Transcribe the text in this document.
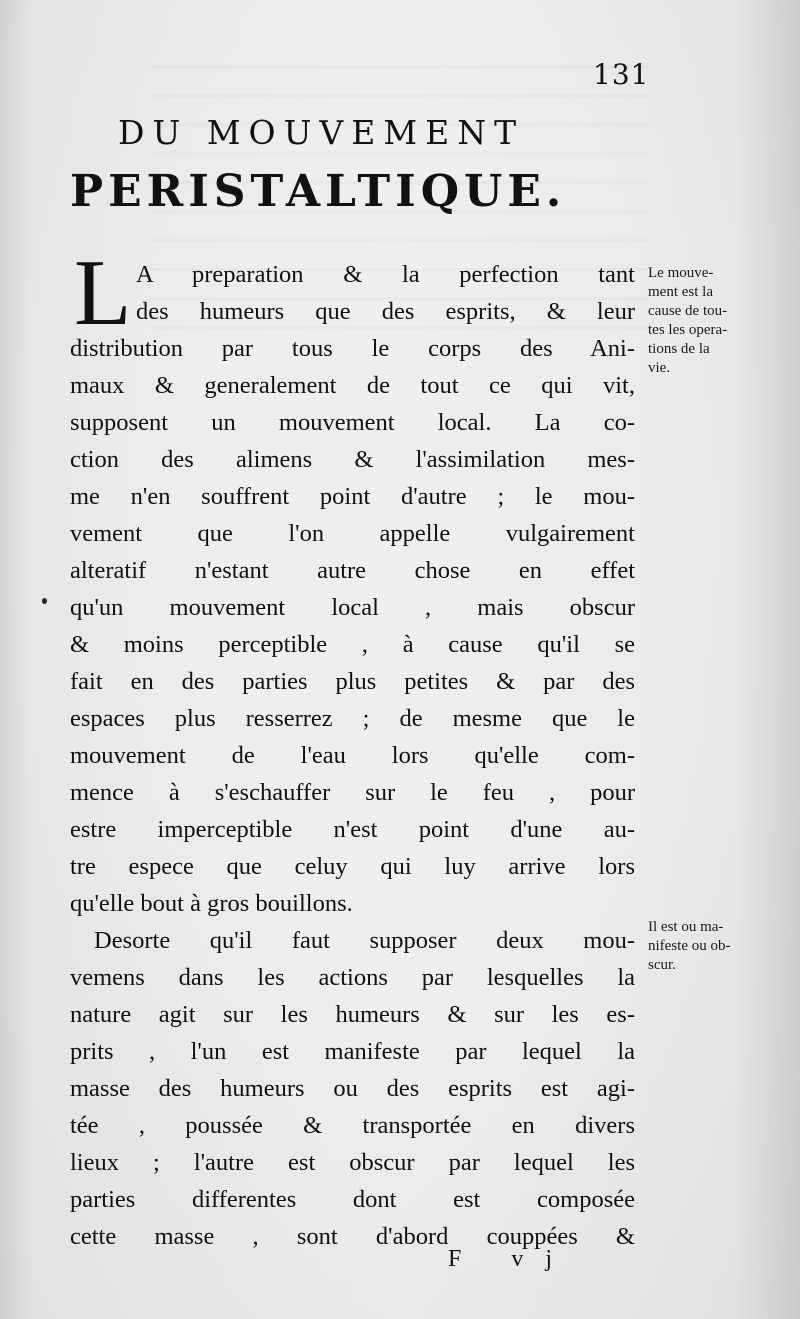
131
DU MOUVEMENT
PERISTALTIQUE.
L A preparation & la perfection tant
des humeurs que des esprits, & leur
distribution par tous le corps des Ani-
maux & generalement de tout ce qui vit,
supposent un mouvement local. La co-
ction des alimens & l'assimilation mes-
me n'en souffrent point d'autre ; le mou-
vement que l'on appelle vulgairement
alteratif n'estant autre chose en effet
qu'un mouvement local , mais obscur
& moins perceptible , à cause qu'il se
fait en des parties plus petites & par des
espaces plus resserrez ; de mesme que le
mouvement de l'eau lors qu'elle com-
mence à s'eschauffer sur le feu , pour
estre imperceptible n'est point d'une au-
tre espece que celuy qui luy arrive lors
qu'elle bout à gros bouillons.
Desorte qu'il faut supposer deux mou-
vemens dans les actions par lesquelles la
nature agit sur les humeurs & sur les es-
prits , l'un est manifeste par lequel la
masse des humeurs ou des esprits est agi-
tée , poussée & transportée en divers
lieux ; l'autre est obscur par lequel les
parties differentes dont est composée
cette masse , sont d'abord couppées &
Le mouve-
ment est la
cause de tou-
tes les opera-
tions de la
vie.
Il est ou ma-
nifeste ou ob-
scur.
F vj
